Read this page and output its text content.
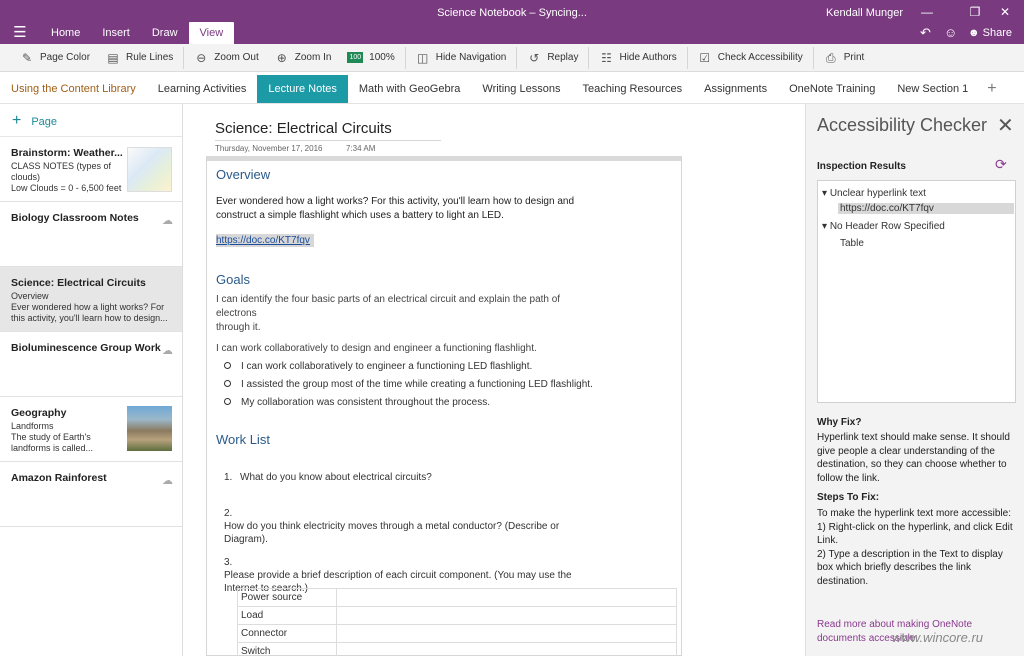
Science Notebook – Syncing...	Kendall Munger	—	❐	✕
☰	Home	Insert	Draw	View	↶ ☺ ☻ Share
✎ Page Color ▤ Rule Lines ⊖ Zoom Out ⊕ Zoom In	100 100% ◫ Hide Navigation ↺ Replay ☷ Hide Authors ☑ Check Accessibility ⎙ Print
Using the Content Library	Learning Activities	Lecture Notes	Math with GeoGebra	Writing Lessons	Teaching Resources	Assignments	OneNote Training	New Section 1	+
+ Page
Brainstorm: Weather...
CLASS NOTES (types of
clouds)
Low Clouds = 0 - 6,500 feet
Biology Classroom Notes	☁
Science: Electrical Circuits
Overview
Ever wondered how a light works? For
this activity, you'll learn how to design...
Bioluminescence Group Work ☁
Geography
Landforms
The study of Earth's
landforms is called...
Amazon Rainforest	☁
Science: Electrical Circuits
Thursday, November 17, 2016	7:34 AM
Overview
Ever wondered how a light works? For this activity, you'll learn how to design and
construct a simple flashlight which uses a battery to light an LED.
https://doc.co/KT7fqv
Goals
I can identify the four basic parts of an electrical circuit and explain the path of electrons
through it.
I can work collaboratively to design and engineer a functioning flashlight.
I can work collaboratively to engineer a functioning LED flashlight.
I assisted the group most of the time while creating a functioning LED flashlight.
My collaboration was consistent throughout the process.
Work List
1. What do you know about electrical circuits?
2.How do you think electricity moves through a metal conductor? (Describe or Diagram).
3.Please provide a brief description of each circuit component. (You may use the Internet to search.)
Power source	
Load	
Connector	
Switch	
Accessibility Checker ✕
Inspection Results	⟳
▾ Unclear hyperlink text
https://doc.co/KT7fqv
▾ No Header Row Specified
Table
Why Fix?
Hyperlink text should make sense. It should give people a clear understanding of the destination, so they can choose whether to follow the link.
Steps To Fix:
To make the hyperlink text more accessible:
1) Right-click on the hyperlink, and click Edit Link.
2) Type a description in the Text to display box which briefly describes the link destination.
Read more about making OneNote documents accessible
www.wincore.ru
